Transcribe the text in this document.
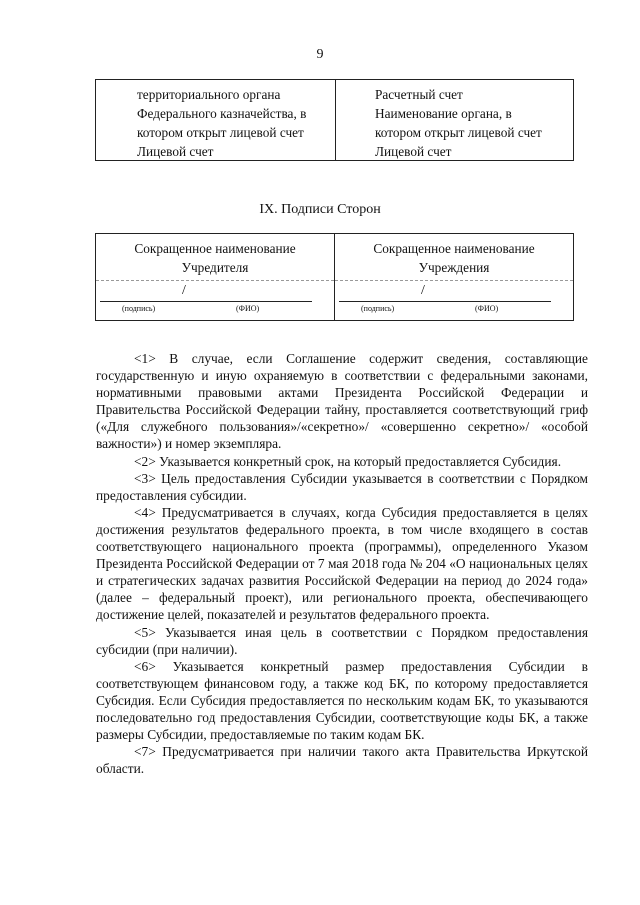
9
территориального органа
Федерального казначейства, в
котором открыт лицевой счет
Лицевой счет
Расчетный счет
Наименование органа, в
котором открыт лицевой счет
Лицевой счет
IX. Подписи Сторон
Сокращенное наименование
Учредителя
/
(подпись)	(ФИО)
Сокращенное наименование
Учреждения
/
(подпись)	(ФИО)

<1> В случае, если Соглашение содержит сведения, составляющие государственную и иную охраняемую в соответствии с федеральными законами, нормативными правовыми актами Президента Российской Федерации и Правительства Российской Федерации тайну, проставляется соответствующий гриф («Для служебного пользования»/«секретно»/ «совершенно секретно»/ «особой важности») и номер экземпляра.

<2> Указывается конкретный срок, на который предоставляется Субсидия.

<3> Цель предоставления Субсидии указывается в соответствии с Порядком предоставления субсидии.

<4> Предусматривается в случаях, когда Субсидия предоставляется в целях достижения результатов федерального проекта, в том числе входящего в состав соответствующего национального проекта (программы), определенного Указом Президента Российской Федерации от 7 мая 2018 года № 204 «О национальных целях и стратегических задачах развития Российской Федерации на период до 2024 года» (далее – федеральный проект), или регионального проекта, обеспечивающего достижение целей, показателей и результатов федерального проекта.

<5> Указывается иная цель в соответствии с Порядком предоставления субсидии (при наличии).

<6> Указывается конкретный размер предоставления Субсидии в соответствующем финансовом году, а также код БК, по которому предоставляется Субсидия. Если Субсидия предоставляется по нескольким кодам БК, то указываются последовательно год предоставления Субсидии, соответствующие коды БК, а также размеры Субсидии, предоставляемые по таким кодам БК.

<7> Предусматривается при наличии такого акта Правительства Иркутской области.
